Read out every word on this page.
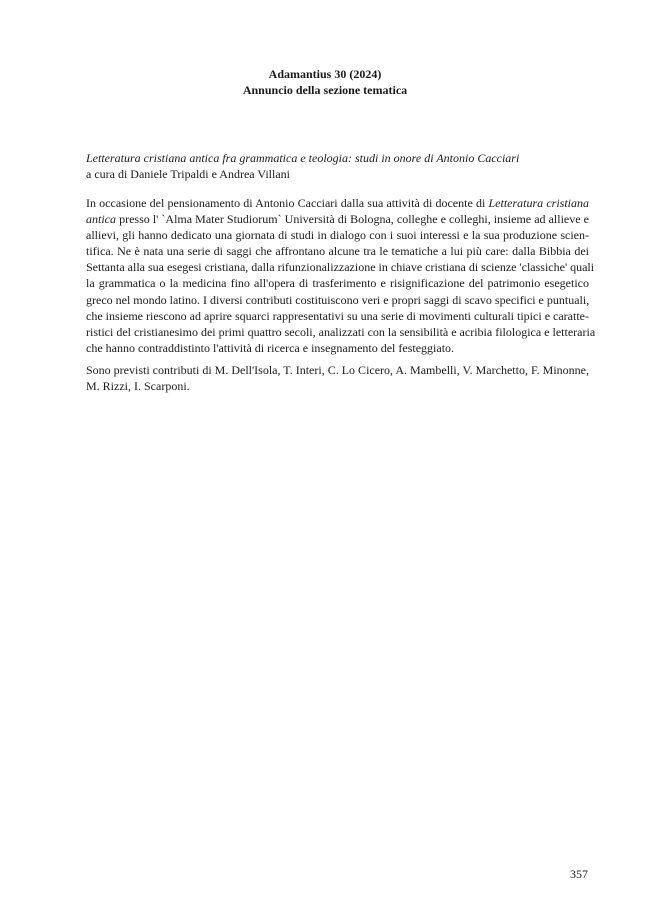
Adamantius 30 (2024)
Annuncio della sezione tematica
Letteratura cristiana antica fra grammatica e teologia: studi in onore di Antonio Cacciari
a cura di Daniele Tripaldi e Andrea Villani

In occasione del pensionamento di Antonio Cacciari dalla sua attività di docente di Letteratura cristiana
antica presso l' `Alma Mater Studiorum` Università di Bologna, colleghe e colleghi, insieme ad allieve e
allievi, gli hanno dedicato una giornata di studi in dialogo con i suoi interessi e la sua produzione scien-
tifica. Ne è nata una serie di saggi che affrontano alcune tra le tematiche a lui più care: dalla Bibbia dei
Settanta alla sua esegesi cristiana, dalla rifunzionalizzazione in chiave cristiana di scienze 'classiche' quali
la grammatica o la medicina fino all'opera di trasferimento e risignificazione del patrimonio esegetico
greco nel mondo latino. I diversi contributi costituiscono veri e propri saggi di scavo specifici e puntuali,
che insieme riescono ad aprire squarci rappresentativi su una serie di movimenti culturali tipici e caratte-
ristici del cristianesimo dei primi quattro secoli, analizzati con la sensibilità e acribia filologica e letteraria
che hanno contraddistinto l'attività di ricerca e insegnamento del festeggiato.

Sono previsti contributi di M. Dell'Isola, T. Interi, C. Lo Cicero, A. Mambelli, V. Marchetto, F. Minonne,
M. Rizzi, I. Scarponi.

357
